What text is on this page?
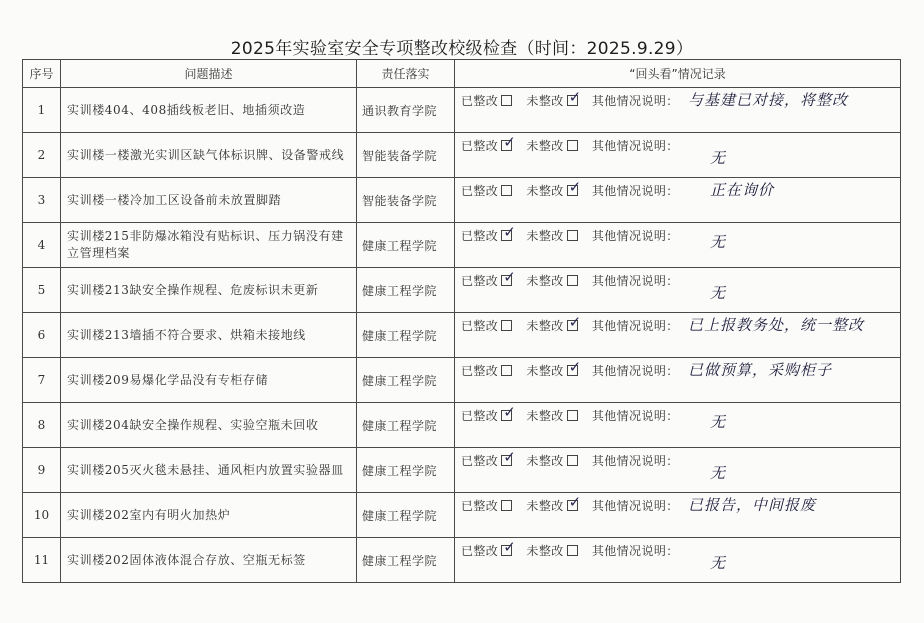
2025年实验室安全专项整改校级检查（时间：2025.9.29）
序号	问题描述	责任落实	“回头看”情况记录
1	实训楼404、408插线板老旧、地插须改造	通识教育学院	已整改 未整改 ✓ 其他情况说明： 与基建已对接，将整改

2	实训楼一楼激光实训区缺气体标识牌、设备警戒线	智能装备学院	已整改 ✓ 未整改 其他情况说明：
无

3	实训楼一楼冷加工区设备前未放置脚踏	智能装备学院	已整改 未整改 ✓ 其他情况说明： 正在询价

4	实训楼215非防爆冰箱没有贴标识、压力锅没有建立管理档案	健康工程学院	已整改 ✓ 未整改 其他情况说明： 无

5	实训楼213缺安全操作规程、危废标识未更新	健康工程学院	已整改 ✓ 未整改 其他情况说明：
无

6	实训楼213墙插不符合要求、烘箱未接地线	健康工程学院	已整改 未整改 ✓ 其他情况说明： 已上报教务处，统一整改

7	实训楼209易爆化学品没有专柜存储	健康工程学院	已整改 未整改 ✓ 其他情况说明： 已做预算，采购柜子

8	实训楼204缺安全操作规程、实验空瓶未回收	健康工程学院	已整改 ✓ 未整改 其他情况说明： 无

9	实训楼205灭火毯未悬挂、通风柜内放置实验器皿	健康工程学院	已整改 ✓ 未整改 其他情况说明：
无

10	实训楼202室内有明火加热炉	健康工程学院	已整改 未整改 ✓ 其他情况说明： 已报告，中间报废

11	实训楼202固体液体混合存放、空瓶无标签	健康工程学院	已整改 ✓ 未整改 其他情况说明：
无
